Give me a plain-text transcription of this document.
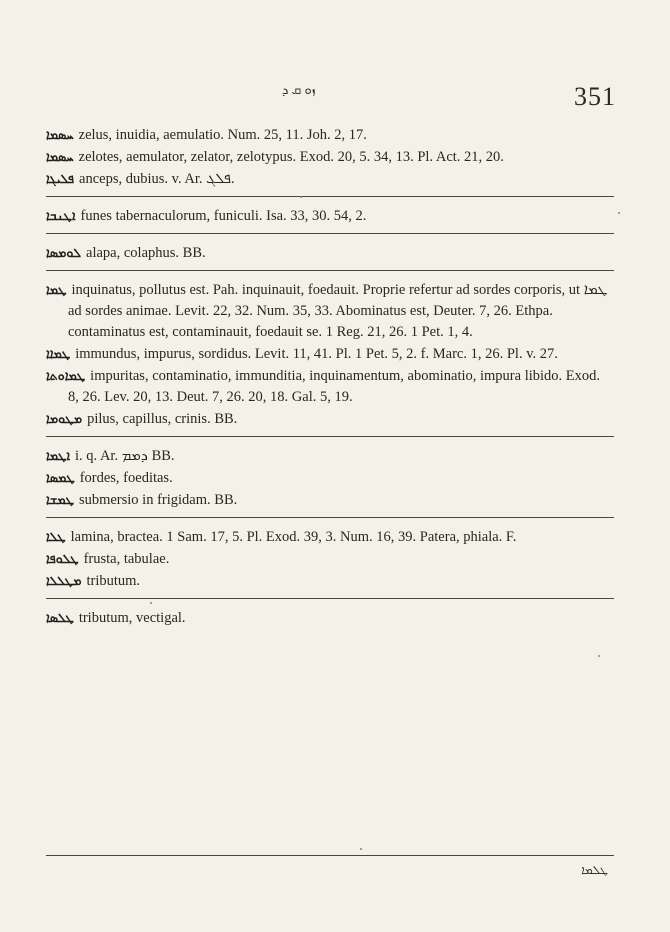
ܙܘ ܩ ܕ	351

ܚܣܡܐ zelus, inuidia, aemulatio. Num. 25, 11. Joh. 2, 17.

ܚܣܡܐ zelotes, aemulator, zelator, zelotypus. Exod. 20, 5. 34, 13. Pl. Act. 21, 20.

ܦܠܝܓܐ anceps, dubius. v. Ar. ܦܠܓ.

ܐܛܢܒܐ funes tabernaculorum, funiculi. Isa. 33, 30. 54, 2.

ܠܘܡܣܐ alapa, colaphus. BB.

ܛܡܐ inquinatus, pollutus est. Pah. inquinauit, foedauit. Proprie refertur ad sordes corporis, ut ܛܡܐ ad sordes animae. Levit. 22, 32. Num. 35, 33. Abominatus est, Deuter. 7, 26. Ethpa. contaminatus est, contaminauit, foedauit se. 1 Reg. 21, 26. 1 Pet. 1, 4.

ܛܡܐܐ immundus, impurus, sordidus. Levit. 11, 41. Pl. 1 Pet. 5, 2. f. Marc. 1, 26. Pl. v. 27.

ܛܡܐܘܬܐ impuritas, contaminatio, immunditia, inquinamentum, abominatio, impura libido. Exod. 8, 26. Lev. 20, 13. Deut. 7, 26. 20, 18. Gal. 5, 19.

ܡܛܘܡܐ pilus, capillus, crinis. BB.

ܐܛܡܐ i. q. Ar. ܕܡܡ BB.

ܛܡܣܐ fordes, foeditas.

ܛܡܫܐ submersio in frigidam. BB.

ܛܠܐ lamina, bractea. 1 Sam. 17, 5. Pl. Exod. 39, 3. Num. 16, 39. Patera, phiala. F.

ܛܠܘܦܐ frusta, tabulae.

ܡܛܠܠܐ tributum.

ܛܠܣܐ tributum, vectigal.

ܛܠܡܐ
